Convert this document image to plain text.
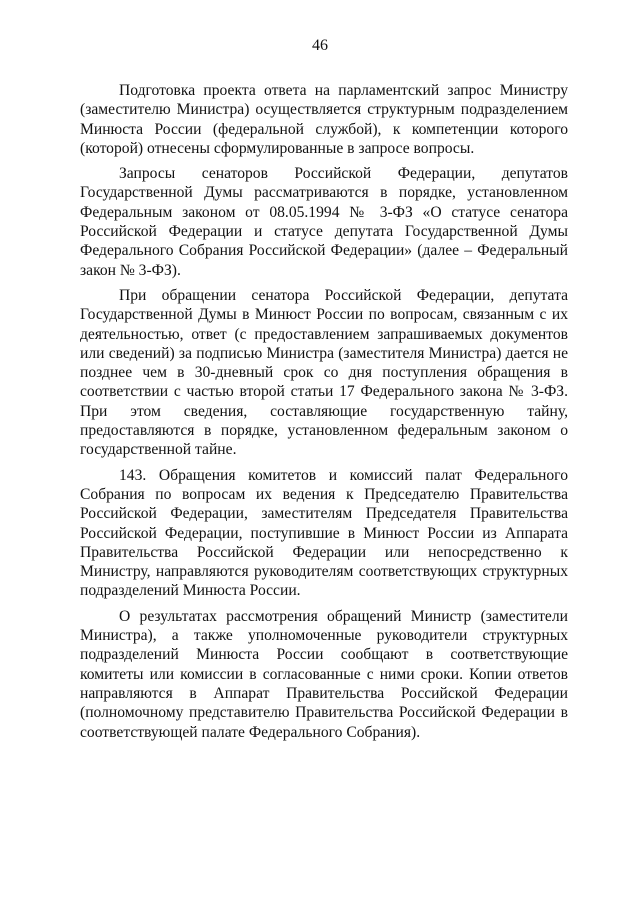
46

Подготовка проекта ответа на парламентский запрос Министру (заместителю Министра) осуществляется структурным подразделением Минюста России (федеральной службой), к компетенции которого (которой) отнесены сформулированные в запросе вопросы.

Запросы сенаторов Российской Федерации, депутатов Государственной Думы рассматриваются в порядке, установленном Федеральным законом от 08.05.1994 № 3-ФЗ «О статусе сенатора Российской Федерации и статусе депутата Государственной Думы Федерального Собрания Российской Федерации» (далее – Федеральный закон № 3-ФЗ).

При обращении сенатора Российской Федерации, депутата Государственной Думы в Минюст России по вопросам, связанным с их деятельностью, ответ (с предоставлением запрашиваемых документов или сведений) за подписью Министра (заместителя Министра) дается не позднее чем в 30-дневный срок со дня поступления обращения в соответствии с частью второй статьи 17 Федерального закона № 3-ФЗ. При этом сведения, составляющие государственную тайну, предоставляются в порядке, установленном федеральным законом о государственной тайне.

143. Обращения комитетов и комиссий палат Федерального Собрания по вопросам их ведения к Председателю Правительства Российской Федерации, заместителям Председателя Правительства Российской Федерации, поступившие в Минюст России из Аппарата Правительства Российской Федерации или непосредственно к Министру, направляются руководителям соответствующих структурных подразделений Минюста России.

О результатах рассмотрения обращений Министр (заместители Министра), а также уполномоченные руководители структурных подразделений Минюста России сообщают в соответствующие комитеты или комиссии в согласованные с ними сроки. Копии ответов направляются в Аппарат Правительства Российской Федерации (полномочному представителю Правительства Российской Федерации в соответствующей палате Федерального Собрания).
